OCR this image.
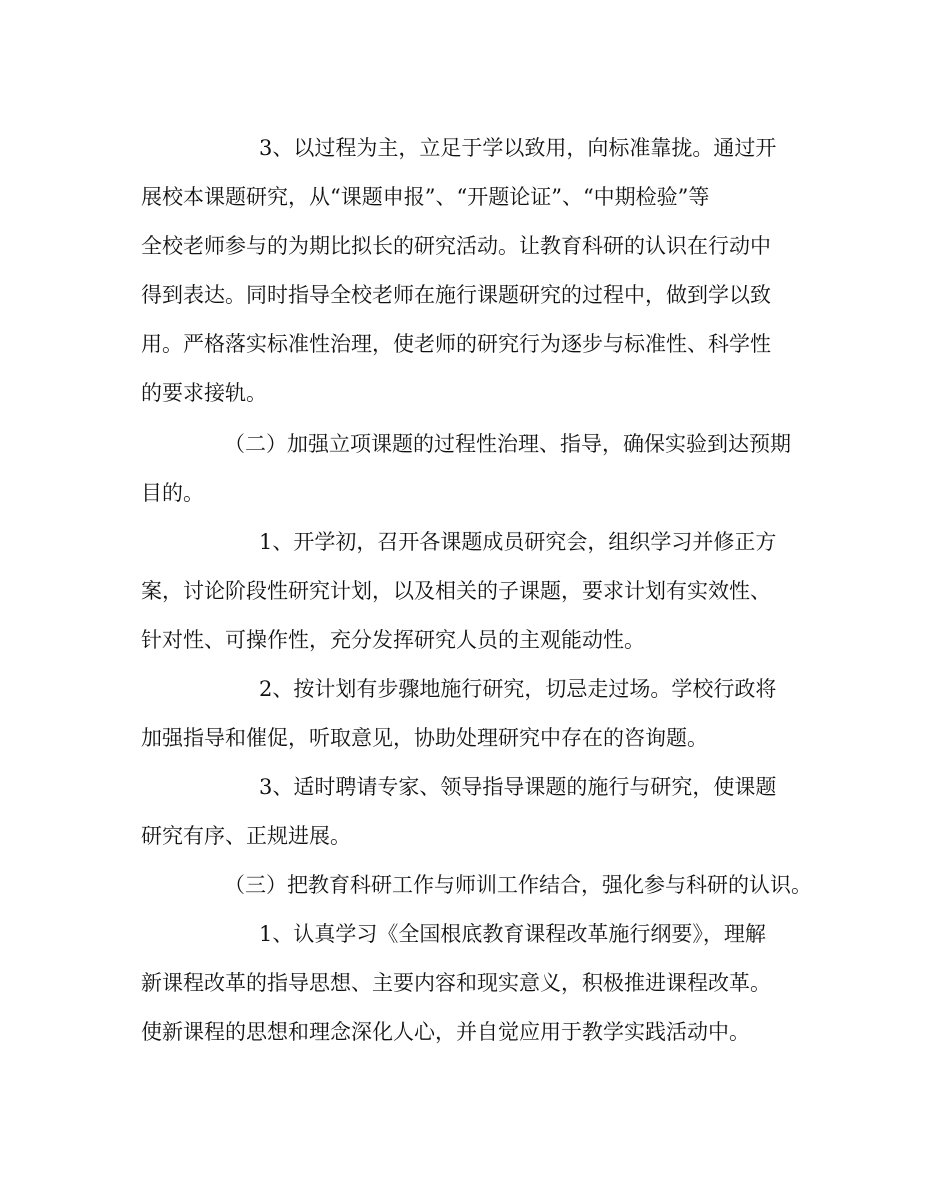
3、以过程为主，立足于学以致用，向标准靠拢。通过开

展校本课题研究，从“课题申报”、“开题论证”、“中期检验”等

全校老师参与的为期比拟长的研究活动。让教育科研的认识在行动中

得到表达。同时指导全校老师在施行课题研究的过程中，做到学以致

用。严格落实标准性治理，使老师的研究行为逐步与标准性、科学性

的要求接轨。

（二）加强立项课题的过程性治理、指导，确保实验到达预期

目的。

1、开学初，召开各课题成员研究会，组织学习并修正方

案，讨论阶段性研究计划，以及相关的子课题，要求计划有实效性、

针对性、可操作性，充分发挥研究人员的主观能动性。

2、按计划有步骤地施行研究，切忌走过场。学校行政将

加强指导和催促，听取意见，协助处理研究中存在的咨询题。

3、适时聘请专家、领导指导课题的施行与研究，使课题

研究有序、正规进展。

（三）把教育科研工作与师训工作结合，强化参与科研的认识。

1、认真学习《全国根底教育课程改革施行纲要》，理解

新课程改革的指导思想、主要内容和现实意义，积极推进课程改革。

使新课程的思想和理念深化人心，并自觉应用于教学实践活动中。
